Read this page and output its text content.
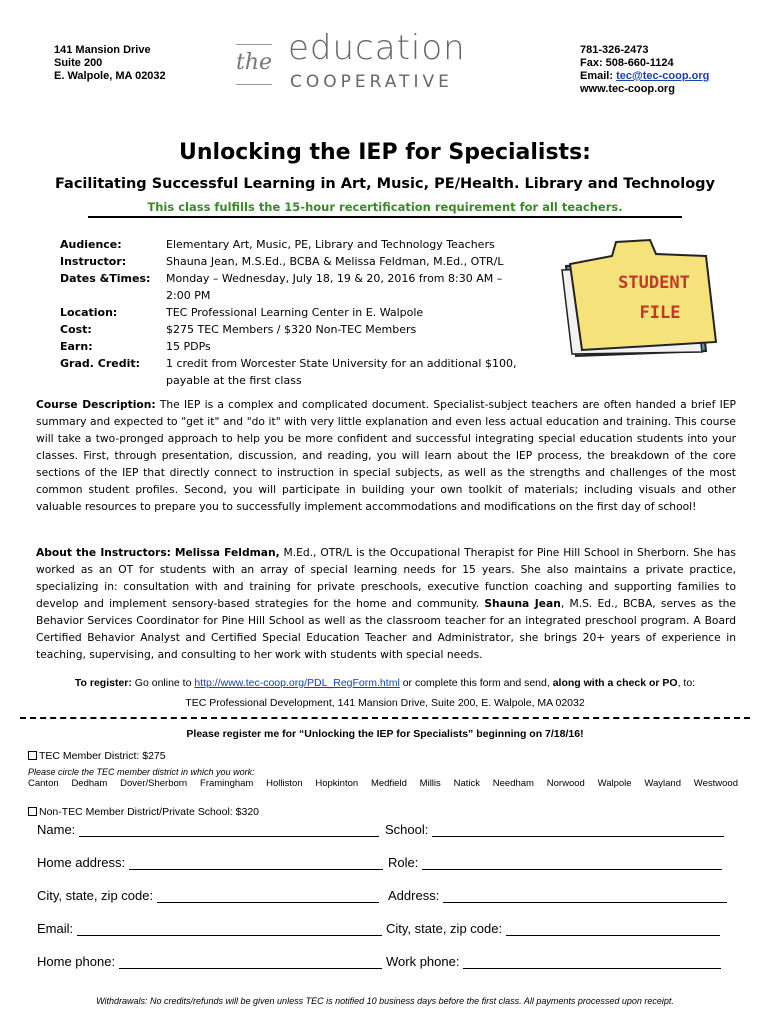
141 Mansion Drive
Suite 200
E. Walpole, MA 02032
the education
COOPERATIVE
781-326-2473
Fax: 508-660-1124
Email: tec@tec-coop.org
www.tec-coop.org
Unlocking the IEP for Specialists:
Facilitating Successful Learning in Art, Music, PE/Health. Library and Technology
This class fulfills the 15-hour recertification requirement for all teachers.
Audience:	Elementary Art, Music, PE, Library and Technology Teachers
Instructor:	Shauna Jean, M.S.Ed., BCBA & Melissa Feldman, M.Ed., OTR/L
Dates &Times:	Monday – Wednesday, July 18, 19 & 20, 2016 from 8:30 AM – 2:00 PM
Location:	TEC Professional Learning Center in E. Walpole
Cost:	$275 TEC Members / $320 Non-TEC Members
Earn:	15 PDPs
Grad. Credit:	1 credit from Worcester State University for an additional $100, payable at the first class
STUDENT
FILE
Course Description: The IEP is a complex and complicated document. Specialist-subject teachers are often handed a brief IEP summary and expected to "get it" and "do it" with very little explanation and even less actual education and training. This course will take a two-pronged approach to help you be more confident and successful integrating special education students into your classes. First, through presentation, discussion, and reading, you will learn about the IEP process, the breakdown of the core sections of the IEP that directly connect to instruction in special subjects, as well as the strengths and challenges of the most common student profiles. Second, you will participate in building your own toolkit of materials; including visuals and other valuable resources to prepare you to successfully implement accommodations and modifications on the first day of school!
About the Instructors: Melissa Feldman, M.Ed., OTR/L is the Occupational Therapist for Pine Hill School in Sherborn. She has worked as an OT for students with an array of special learning needs for 15 years. She also maintains a private practice, specializing in: consultation with and training for private preschools, executive function coaching and supporting families to develop and implement sensory-based strategies for the home and community. Shauna Jean, M.S. Ed., BCBA, serves as the Behavior Services Coordinator for Pine Hill School as well as the classroom teacher for an integrated preschool program. A Board Certified Behavior Analyst and Certified Special Education Teacher and Administrator, she brings 20+ years of experience in teaching, supervising, and consulting to her work with students with special needs.
To register: Go online to http://www.tec-coop.org/PDL_RegForm.html or complete this form and send, along with a check or PO, to:
TEC Professional Development, 141 Mansion Drive, Suite 200, E. Walpole, MA 02032
Please register me for “Unlocking the IEP for Specialists” beginning on 7/18/16!
TEC Member District: $275
Please circle the TEC member district in which you work:
Canton Dedham Dover/Sherborn Framingham Holliston Hopkinton Medfield Millis Natick Needham Norwood Walpole Wayland Westwood
Non-TEC Member District/Private School: $320
Name:	School:
Home address:	Role:
City, state, zip code:	Address:
Email:	City, state, zip code:
Home phone:	Work phone:
Withdrawals: No credits/refunds will be given unless TEC is notified 10 business days before the first class. All payments processed upon receipt.
